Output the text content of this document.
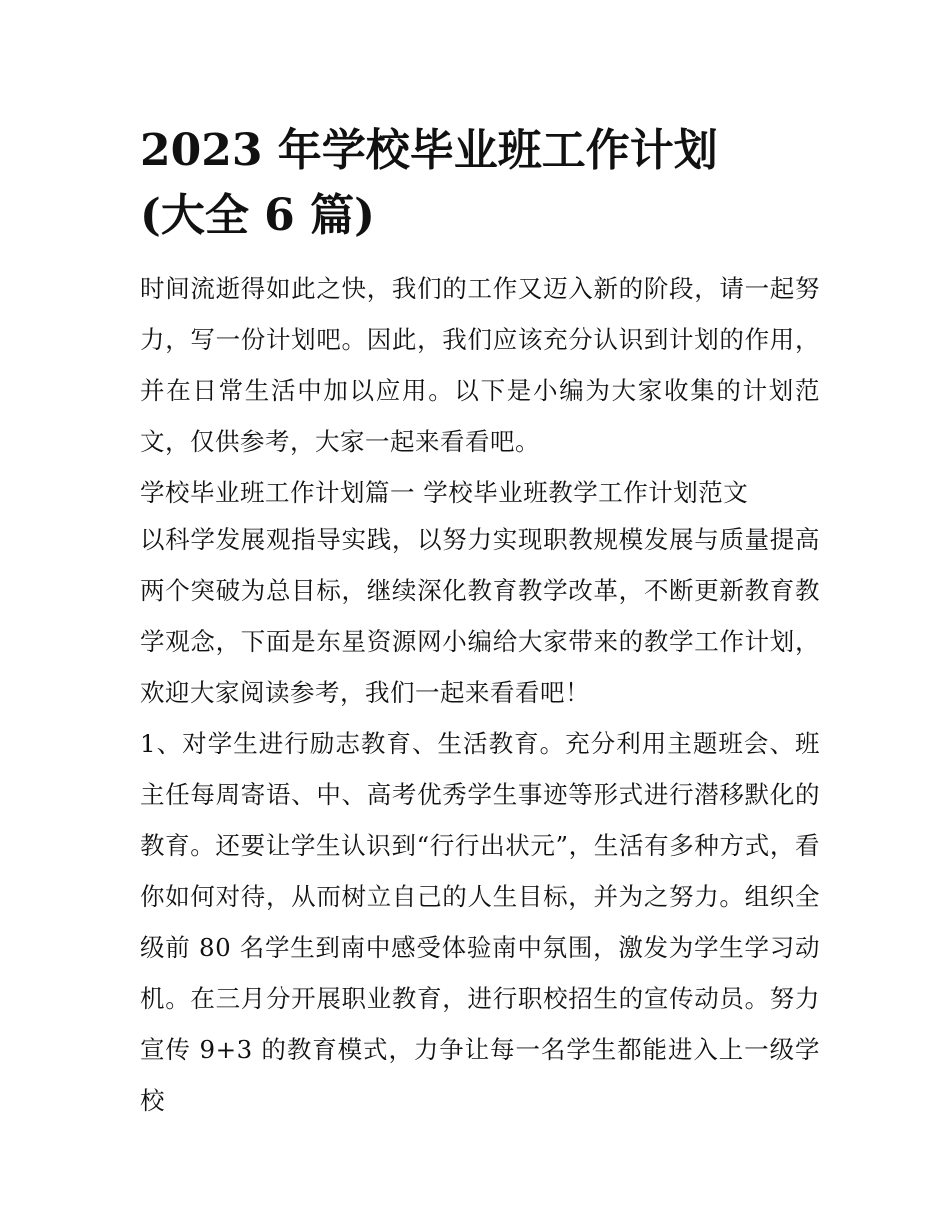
2023 年学校毕业班工作计划
(大全 6 篇)

时间流逝得如此之快，我们的工作又迈入新的阶段，请一起努力，写一份计划吧。因此，我们应该充分认识到计划的作用，并在日常生活中加以应用。以下是小编为大家收集的计划范文，仅供参考，大家一起来看看吧。

学校毕业班工作计划篇一 学校毕业班教学工作计划范文

以科学发展观指导实践，以努力实现职教规模发展与质量提高两个突破为总目标，继续深化教育教学改革，不断更新教育教学观念，下面是东星资源网小编给大家带来的教学工作计划，欢迎大家阅读参考，我们一起来看看吧！

1、对学生进行励志教育、生活教育。充分利用主题班会、班主任每周寄语、中、高考优秀学生事迹等形式进行潜移默化的教育。还要让学生认识到“行行出状元”，生活有多种方式，看你如何对待，从而树立自己的人生目标，并为之努力。组织全级前 80 名学生到南中感受体验南中氛围，激发为学生学习动机。在三月分开展职业教育，进行职校招生的宣传动员。努力宣传 9+3 的教育模式，力争让每一名学生都能进入上一级学校
